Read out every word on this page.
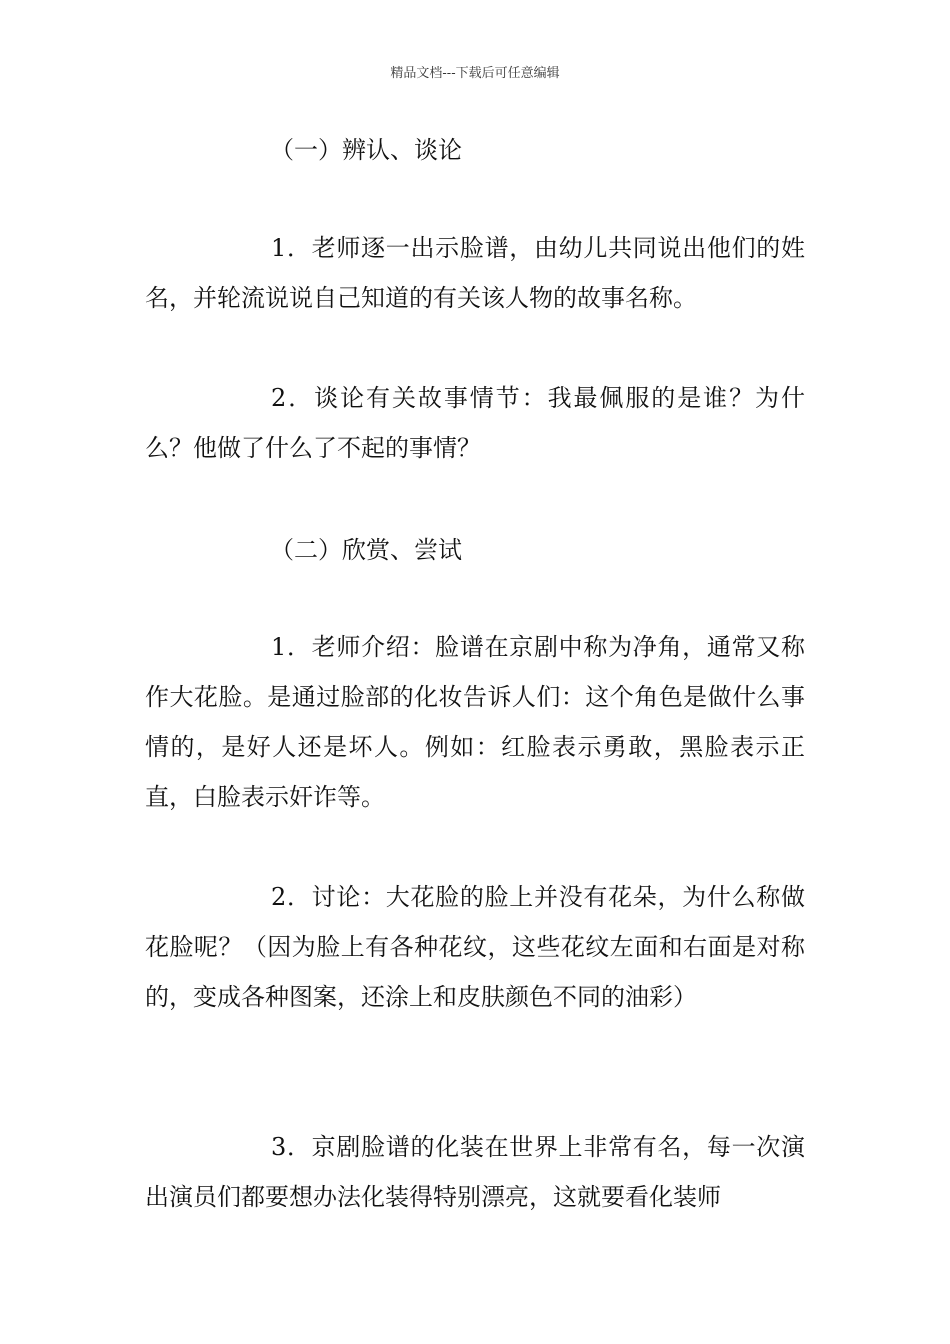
精品文档---下载后可任意编辑
（一）辨认、谈论
1．老师逐一出示脸谱，由幼儿共同说出他们的姓名，并轮流说说自己知道的有关该人物的故事名称。
2．谈论有关故事情节：我最佩服的是谁？为什么？他做了什么了不起的事情？
（二）欣赏、尝试
1．老师介绍：脸谱在京剧中称为净角，通常又称作大花脸。是通过脸部的化妆告诉人们：这个角色是做什么事情的，是好人还是坏人。例如：红脸表示勇敢，黑脸表示正直，白脸表示奸诈等。
2．讨论：大花脸的脸上并没有花朵，为什么称做花脸呢？（因为脸上有各种花纹，这些花纹左面和右面是对称的，变成各种图案，还涂上和皮肤颜色不同的油彩）
3．京剧脸谱的化装在世界上非常有名，每一次演出演员们都要想办法化装得特别漂亮，这就要看化装师
